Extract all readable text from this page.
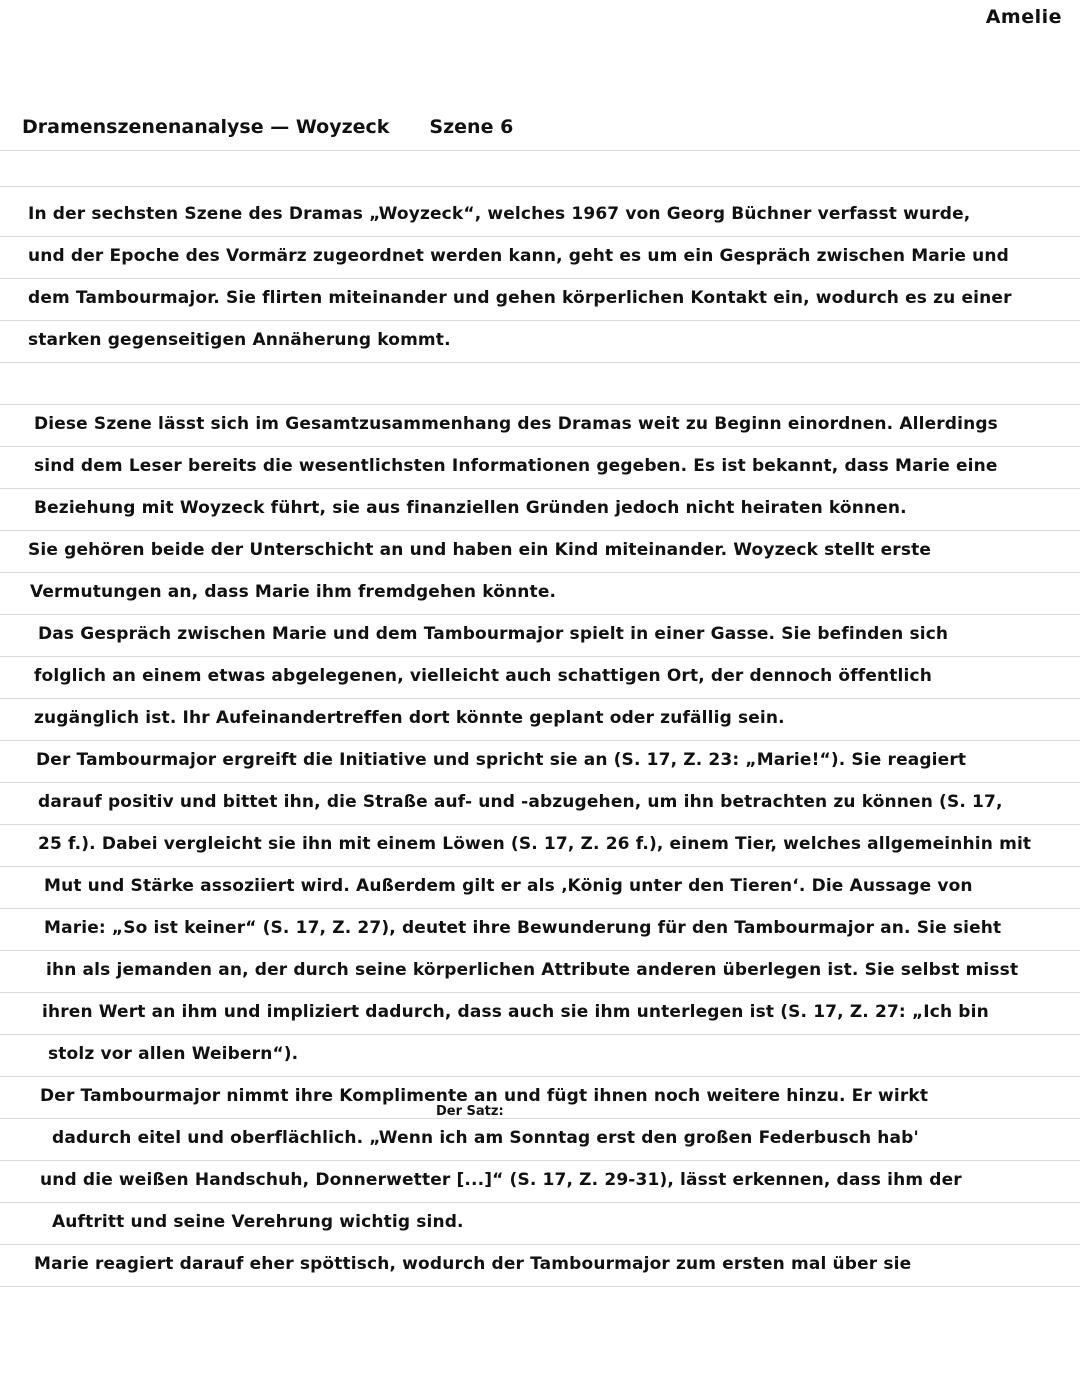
Amelie
Dramenszenenanalyse — Woyzeck Szene 6
In der sechsten Szene des Dramas „Woyzeck“, welches 1967 von Georg Büchner verfasst wurde,
und der Epoche des Vormärz zugeordnet werden kann, geht es um ein Gespräch zwischen Marie und
dem Tambourmajor. Sie flirten miteinander und gehen körperlichen Kontakt ein, wodurch es zu einer
starken gegenseitigen Annäherung kommt.
Diese Szene lässt sich im Gesamtzusammenhang des Dramas weit zu Beginn einordnen. Allerdings
sind dem Leser bereits die wesentlichsten Informationen gegeben. Es ist bekannt, dass Marie eine
Beziehung mit Woyzeck führt, sie aus finanziellen Gründen jedoch nicht heiraten können.
Sie gehören beide der Unterschicht an und haben ein Kind miteinander. Woyzeck stellt erste
Vermutungen an, dass Marie ihm fremdgehen könnte.
Das Gespräch zwischen Marie und dem Tambourmajor spielt in einer Gasse. Sie befinden sich
folglich an einem etwas abgelegenen, vielleicht auch schattigen Ort, der dennoch öffentlich
zugänglich ist. Ihr Aufeinandertreffen dort könnte geplant oder zufällig sein.
Der Tambourmajor ergreift die Initiative und spricht sie an (S. 17, Z. 23: „Marie!“). Sie reagiert
darauf positiv und bittet ihn, die Straße auf- und -abzugehen, um ihn betrachten zu können (S. 17,
25 f.). Dabei vergleicht sie ihn mit einem Löwen (S. 17, Z. 26 f.), einem Tier, welches allgemeinhin mit
Mut und Stärke assoziiert wird. Außerdem gilt er als ‚König unter den Tieren‘. Die Aussage von
Marie: „So ist keiner“ (S. 17, Z. 27), deutet ihre Bewunderung für den Tambourmajor an. Sie sieht
ihn als jemanden an, der durch seine körperlichen Attribute anderen überlegen ist. Sie selbst misst
ihren Wert an ihm und impliziert dadurch, dass auch sie ihm unterlegen ist (S. 17, Z. 27: „Ich bin
stolz vor allen Weibern“).
Der Tambourmajor nimmt ihre Komplimente an und fügt ihnen noch weitere hinzu. Er wirkt
Der Satz:
dadurch eitel und oberflächlich. „Wenn ich am Sonntag erst den großen Federbusch hab'
und die weißen Handschuh, Donnerwetter [...]“ (S. 17, Z. 29-31), lässt erkennen, dass ihm der
Auftritt und seine Verehrung wichtig sind.
Marie reagiert darauf eher spöttisch, wodurch der Tambourmajor zum ersten mal über sie
